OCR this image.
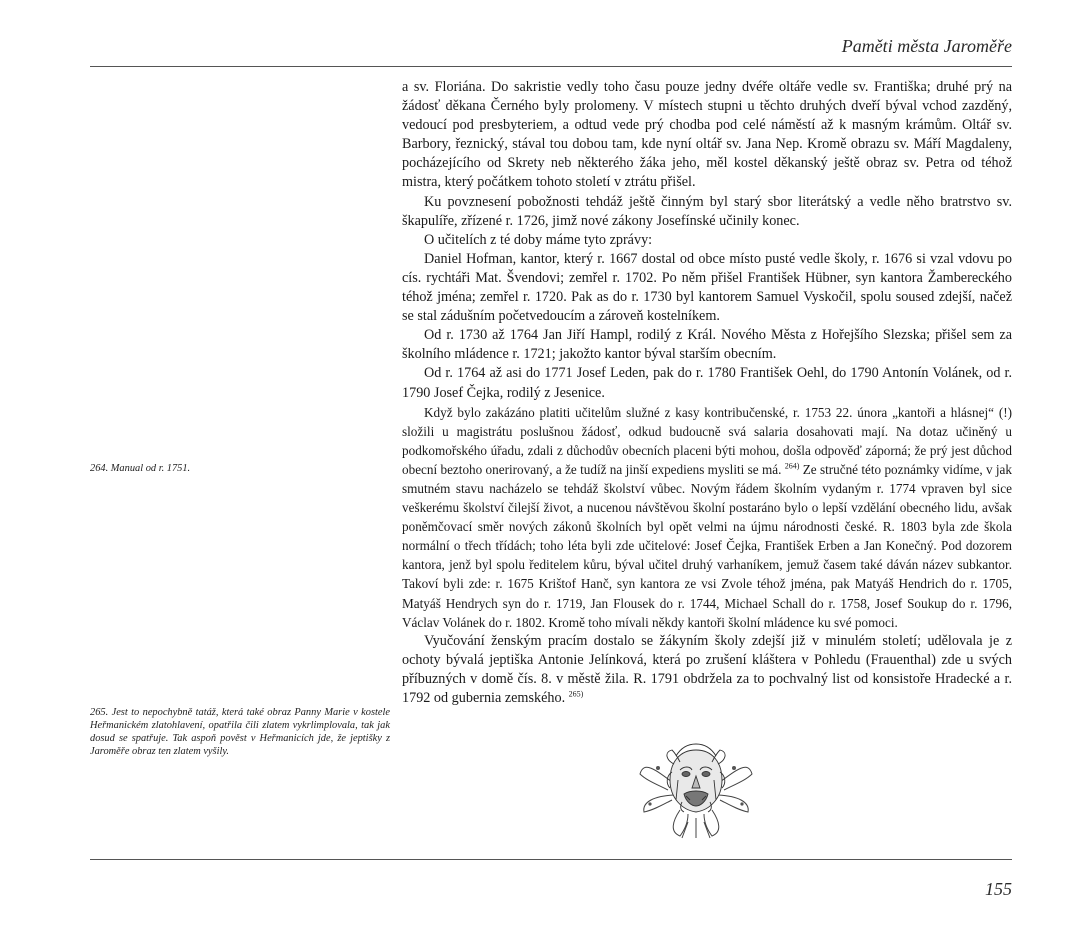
Paměti města Jaroměře

a sv. Floriána. Do sakristie vedly toho času pouze jedny dvéře oltáře vedle sv. Františka; druhé prý na žádosť děkana Černého byly prolomeny. V místech stupni u těchto druhých dveří býval vchod zazděný, vedoucí pod presbyteriem, a odtud vede prý chodba pod celé náměstí až k masným krámům. Oltář sv. Barbory, řeznický, stával tou dobou tam, kde nyní oltář sv. Jana Nep. Kromě obrazu sv. Máří Magdaleny, pocházejícího od Skrety neb některého žáka jeho, měl kostel děkanský ještě obraz sv. Petra od téhož mistra, který počátkem tohoto století v ztrátu přišel.

Ku povznesení pobožnosti tehdáž ještě činným byl starý sbor literátský a vedle něho bratrstvo sv. škapulíře, zřízené r. 1726, jimž nové zákony Josefínské učinily konec.

O učitelích z té doby máme tyto zprávy:

Daniel Hofman, kantor, který r. 1667 dostal od obce místo pusté vedle školy, r. 1676 si vzal vdovu po cís. rychtáři Mat. Švendovi; zemřel r. 1702. Po něm přišel František Hübner, syn kantora Žambereckého téhož jména; zemřel r. 1720. Pak as do r. 1730 byl kantorem Samuel Vyskočil, spolu soused zdejší, načež se stal zádušním početvedoucím a zároveň kostelníkem.

Od r. 1730 až 1764 Jan Jiří Hampl, rodilý z Král. Nového Města z Hořejšího Slezska; přišel sem za školního mládence r. 1721; jakožto kantor býval starším obecním.

Od r. 1764 až asi do 1771 Josef Leden, pak do r. 1780 František Oehl, do 1790 Antonín Volánek, od r. 1790 Josef Čejka, rodilý z Jesenice.

Když bylo zakázáno platiti učitelům služné z kasy kontribučenské, r. 1753 22. února „kantoři a hlásnej“ (!) složili u magistrátu poslušnou žádosť, odkud budoucně svá salaria dosahovati mají. Na dotaz učiněný u podkomořského úřadu, zdali z důchodův obecních placeni býti mohou, došla odpověď záporná; že prý jest důchod obecní beztoho onerirovaný, a že tudíž na jinší expediens mysliti se má. $^{264)}$ Ze stručné této poznámky vidíme, v jak smutném stavu nacházelo se tehdáž školství vůbec. Novým řádem školním vydaným r. 1774 vpraven byl sice veškerému školství čilejší život, a nucenou návštěvou školní postaráno bylo o lepší vzdělání obecného lidu, avšak poněmčovací směr nových zákonů školních byl opět velmi na újmu národnosti české. R. 1803 byla zde škola normální o třech třídách; toho léta byli zde učitelové: Josef Čejka, František Erben a Jan Konečný. Pod dozorem kantora, jenž byl spolu ředitelem kůru, býval učitel druhý varhaníkem, jemuž časem také dáván název subkantor. Takoví byli zde: r. 1675 Krištof Hanč, syn kantora ze vsi Zvole téhož jména, pak Matyáš Hendrich do r. 1705, Matyáš Hendrych syn do r. 1719, Jan Flousek do r. 1744, Michael Schall do r. 1758, Josef Soukup do r. 1796, Václav Volánek do r. 1802. Kromě toho mívali někdy kantoři školní mládence ku své pomoci.

Vyučování ženským pracím dostalo se žákyním školy zdejší již v minulém století; udělovala je z ochoty bývalá jeptiška Antonie Jelínková, která po zrušení kláštera v Pohledu (Frauenthal) zde u svých příbuzných v domě čís. 8. v městě žila. R. 1791 obdržela za to pochvalný list od konsistoře Hradecké a r. 1792 od gubernia zemského. $^{265)}$

264. Manual od r. 1751.
265. Jest to nepochybně tatáž, která také obraz Panny Marie v kostele Heřmanickém zlatohlavení, opatřila čili zlatem vykrlimplovala, tak jak dosud se spatřuje. Tak aspoň pověst v Heřmanicích jde, že jeptišky z Jaroměře obraz ten zlatem vyšily.
155
